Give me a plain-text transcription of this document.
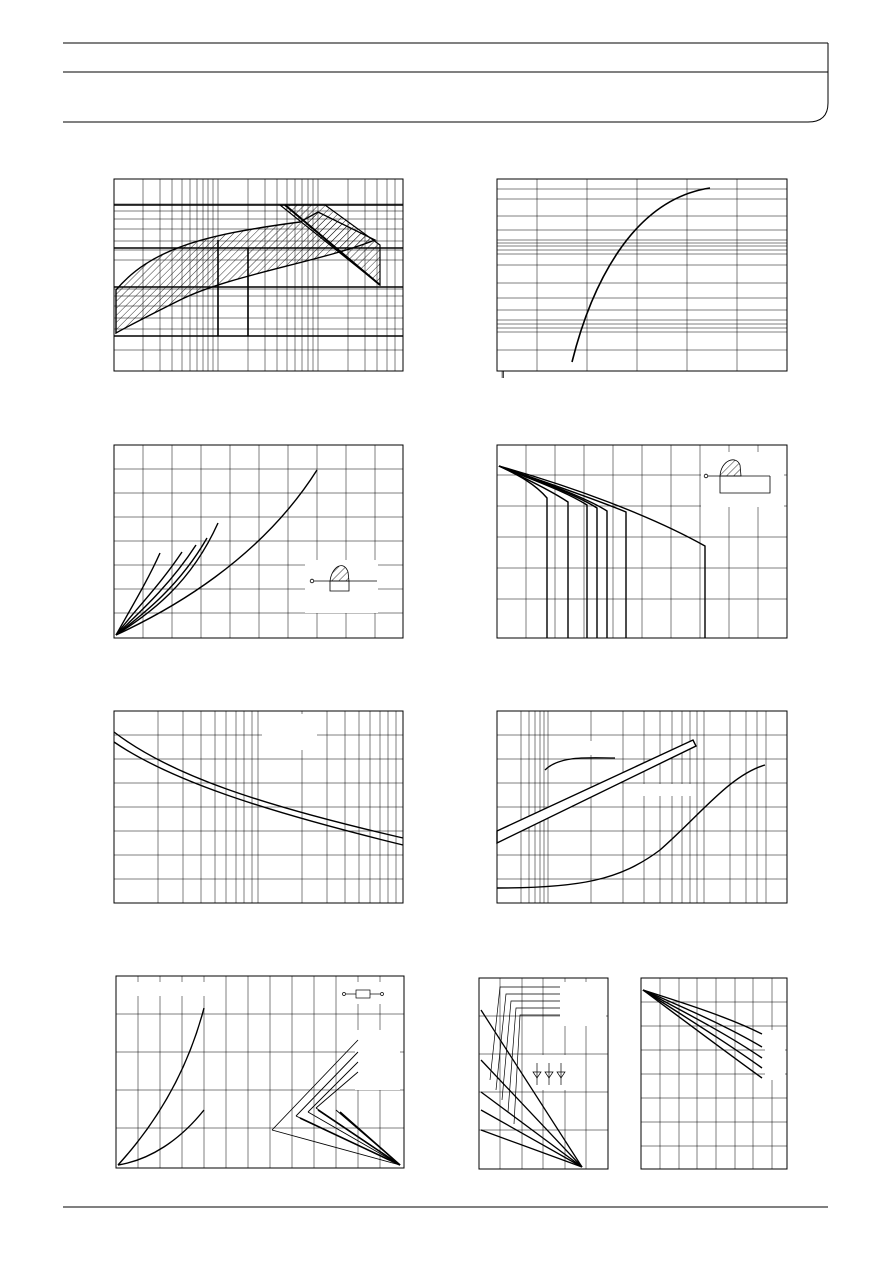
‖
